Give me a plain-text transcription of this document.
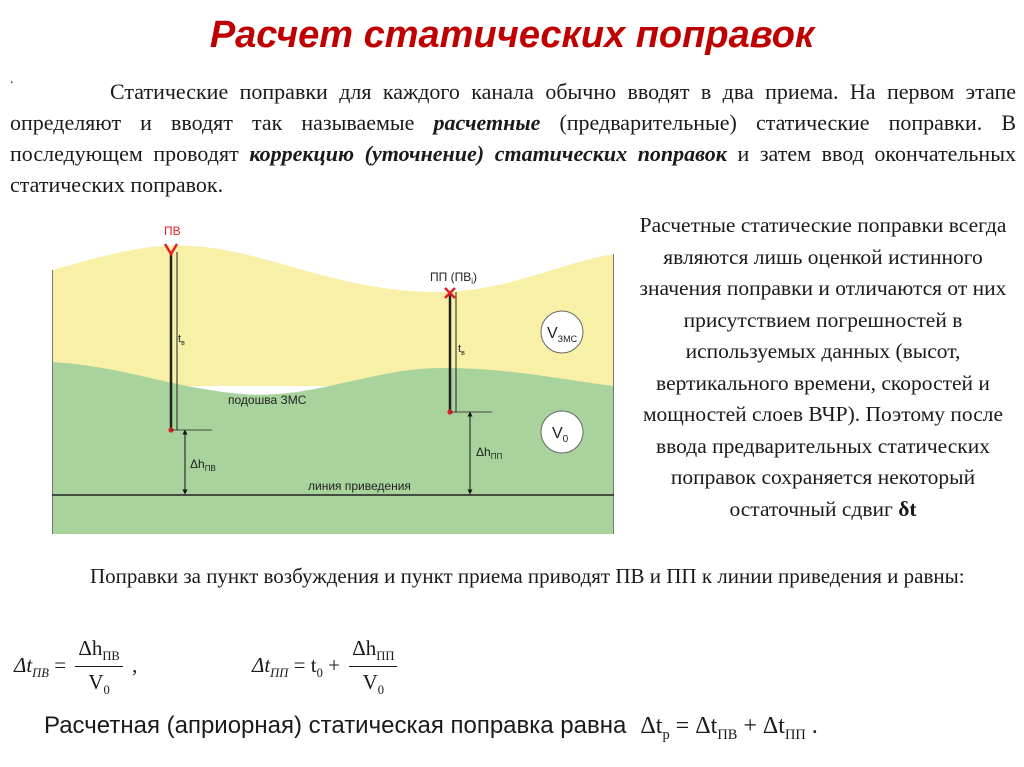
Расчет статических поправок
.	Статические поправки для каждого канала обычно вводят в два приема. На первом этапе определяют и вводят так называемые расчетные (предварительные) статические поправки. В последующем проводят коррекцию (уточнение) статических поправок и затем ввод окончательных статических поправок.
ПВ
ПП $(ПВ_i)$
$t_в$	$t_в$
$V_{ЗМС}$
$V_0$
подошва ЗМС
линия приведения
$\Delta h_{ПВ}$
$\Delta h_{ПП}$
Расчетные статические поправки всегда являются лишь оценкой истинного значения поправки и отличаются от них присутствием погрешностей в используемых данных (высот, вертикального времени, скоростей и мощностей слоев ВЧР). Поэтому после ввода предварительных статических поправок сохраняется некоторый остаточный сдвиг δt
Поправки за пункт возбуждения и пункт приема приводят ПВ и ПП к линии приведения и равны:
$\Delta t_{ПВ} = \frac{\Delta h_{ПВ}}{V_0}$ ,	$\Delta t_{ПП} = t_0 + \frac{\Delta h_{ПП}}{V_0}$
Расчетная (априорная) статическая поправка равна $\Delta t_р = \Delta t_{ПВ} + \Delta t_{ПП}$ .
